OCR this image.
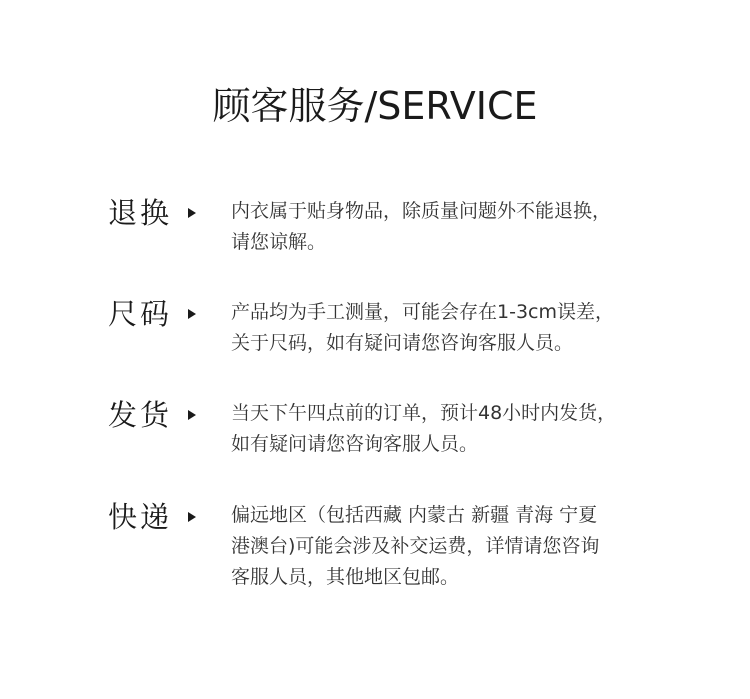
顾客服务/SERVICE
退换	内衣属于贴身物品，除质量问题外不能退换，
请您谅解。
尺码	产品均为手工测量，可能会存在1-3cm误差，
关于尺码，如有疑问请您咨询客服人员。
发货	当天下午四点前的订单，预计48小时内发货，
如有疑问请您咨询客服人员。
快递	偏远地区（包括西藏 内蒙古 新疆 青海 宁夏
港澳台)可能会涉及补交运费，详情请您咨询
客服人员，其他地区包邮。
